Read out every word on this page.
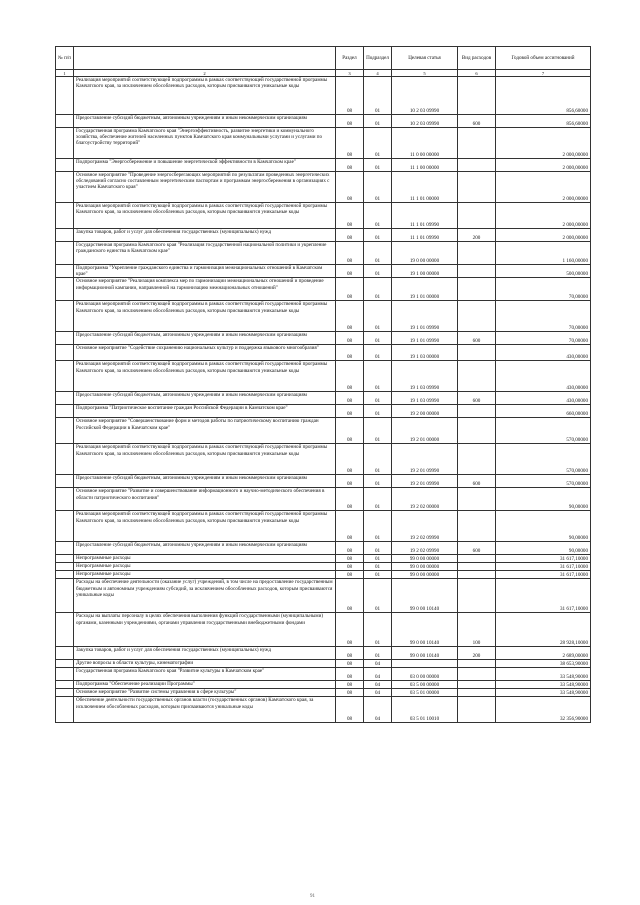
№ п/п		Раздел	Подраздел	Целевая статья	Вид расходов	Годовой объем ассигнований
1	2	3	4	5	6	7
	Реализация мероприятий соответствующей подпрограммы в рамках соответствующей государственной программы Камчатского края, за исключением обособленных расходов, которым присваиваются уникальные коды	08	01	10 2 03 09990		856,60000
	Предоставление субсидий бюджетным, автономным учреждениям и иным некоммерческим организациям	08	01	10 2 03 09990	600	856,60000
	Государственная программа Камчатского края "Энергоэффективность, развитие энергетики и коммунального хозяйства, обеспечение жителей населенных пунктов Камчатского края коммунальными услугами и услугами по благоустройству территорий"	08	01	11 0 00 00000		2 000,00000
	Подпрограмма "Энергосбережение и повышение энергетической эффективности в Камчатском крае"	08	01	11 1 00 00000		2 000,00000
	Основное мероприятие "Проведение энергосберегающих мероприятий по результатам проведенных энергетических обследований согласно составленным энергетическим паспортам и программам энергосбережения в организациях с участием Камчатского края"	08	01	11 1 01 00000		2 000,00000
	Реализация мероприятий соответствующей подпрограммы в рамках соответствующей государственной программы Камчатского края, за исключением обособленных расходов, которым присваиваются уникальные коды	08	01	11 1 01 09990		2 000,00000
	Закупка товаров, работ и услуг для обеспечения государственных (муниципальных) нужд	08	01	11 1 01 09990	200	2 000,00000
	Государственная программа Камчатского края "Реализация государственной национальной политики и укрепление гражданского единства в Камчатском крае"	08	01	19 0 00 00000		1 160,00000
	Подпрограмма "Укрепление гражданского единства и гармонизация межнациональных отношений в Камчатском крае"	08	01	19 1 00 00000		500,00000
	Основное мероприятие "Реализация комплекса мер по гармонизации межнациональных отношений и проведение информационной кампании, направленной на гармонизацию межнациональных отношений"	08	01	19 1 01 00000		70,00000
	Реализация мероприятий соответствующей подпрограммы в рамках соответствующей государственной программы Камчатского края, за исключением обособленных расходов, которым присваиваются уникальные коды	08	01	19 1 01 09990		70,00000
	Предоставление субсидий бюджетным, автономным учреждениям и иным некоммерческим организациям	08	01	19 1 01 09990	600	70,00000
	Основное мероприятие "Содействие сохранению национальных культур и поддержка языкового многообразия"	08	01	19 1 03 00000		430,00000
	Реализация мероприятий соответствующей подпрограммы в рамках соответствующей государственной программы Камчатского края, за исключением обособленных расходов, которым присваиваются уникальные коды	08	01	19 1 03 09990		430,00000
	Предоставление субсидий бюджетным, автономным учреждениям и иным некоммерческим организациям	08	01	19 1 03 09990	600	430,00000
	Подпрограмма "Патриотическое воспитание граждан Российской Федерации в Камчатском крае"	08	01	19 2 00 00000		660,00000
	Основное мероприятие "Совершенствование форм и методов работы по патриотическому воспитанию граждан Российской Федерации в Камчатском крае"	08	01	19 2 01 00000		570,00000
	Реализация мероприятий соответствующей подпрограммы в рамках соответствующей государственной программы Камчатского края, за исключением обособленных расходов, которым присваиваются уникальные коды	08	01	19 2 01 09990		570,00000
	Предоставление субсидий бюджетным, автономным учреждениям и иным некоммерческим организациям	08	01	19 2 01 09990	600	570,00000
	Основное мероприятие "Развитие и совершенствование информационного и научно-методического обеспечения в области патриотического воспитания"	08	01	19 2 02 00000		90,00000
	Реализация мероприятий соответствующей подпрограммы в рамках соответствующей государственной программы Камчатского края, за исключением обособленных расходов, которым присваиваются уникальные коды	08	01	19 2 02 09990		90,00000
	Предоставление субсидий бюджетным, автономным учреждениям и иным некоммерческим организациям	08	01	19 2 02 09990	600	90,00000
	Непрограммные расходы	08	01	99 0 00 00000		31 617,10000
	Непрограммные расходы	08	01	99 0 00 00000		31 617,10000
	Непрограммные расходы	08	01	99 0 00 00000		31 617,10000
	Расходы на обеспечение деятельности (оказание услуг) учреждений, в том числе на предоставление государственным бюджетным и автономным учреждениям субсидий, за исключением обособленных расходов, которым присваиваются уникальные коды	08	01	99 0 00 10140		31 617,10000
	Расходы на выплаты персоналу в целях обеспечения выполнения функций государственными (муниципальными) органами, казенными учреждениями, органами управления государственными внебюджетными фондами	08	01	99 0 00 10140	100	28 928,10000
	Закупка товаров, работ и услуг для обеспечения государственных (муниципальных) нужд	08	01	99 0 00 10140	200	2 689,00000
	Другие вопросы в области культуры, кинематографии	08	04			38 653,90000
	Государственная программа Камчатского края "Развитие культуры в Камчатском крае"	08	04	03 0 00 00000		33 548,90000
	Подпрограмма "Обеспечение реализации Программы"	08	04	03 5 00 00000		33 548,90000
	Основное мероприятие "Развитие системы управления в сфере культуры"	08	04	03 5 01 00000		33 548,90000
	Обеспечение деятельности государственных органов власти (государственных органов) Камчатского края, за исключением обособленных расходов, которым присваиваются уникальные коды	08	04	03 5 01 10010		32 356,90000
91
